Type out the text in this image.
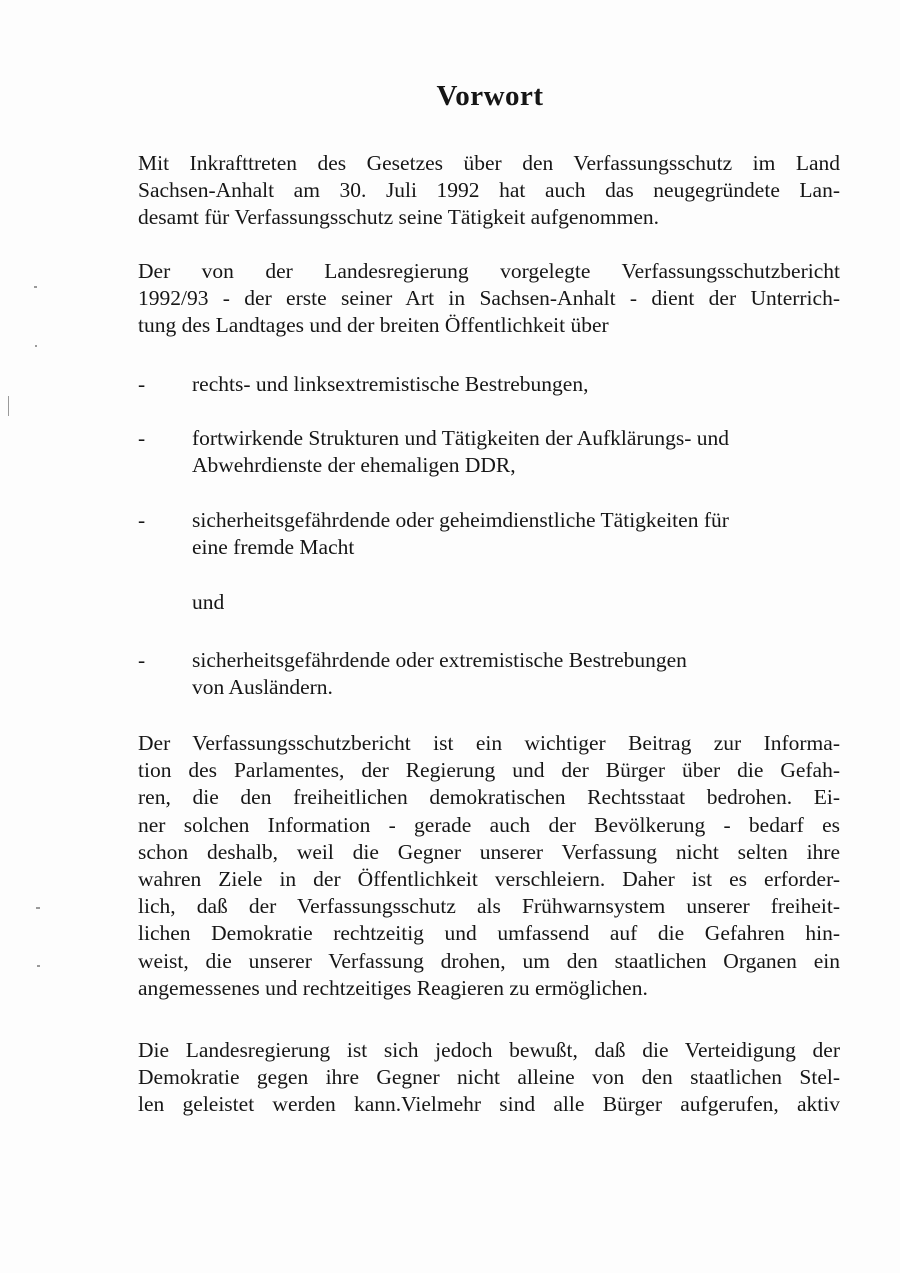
Vorwort
Mit Inkrafttreten des Gesetzes über den Verfassungsschutz im Land
Sachsen-Anhalt am 30. Juli 1992 hat auch das neugegründete Lan-
desamt für Verfassungsschutz seine Tätigkeit aufgenommen.
Der von der Landesregierung vorgelegte Verfassungsschutzbericht
1992/93 - der erste seiner Art in Sachsen-Anhalt - dient der Unterrich-
tung des Landtages und der breiten Öffentlichkeit über
- rechts- und linksextremistische Bestrebungen,
- fortwirkende Strukturen und Tätigkeiten der Aufklärungs- und
Abwehrdienste der ehemaligen DDR,
- sicherheitsgefährdende oder geheimdienstliche Tätigkeiten für
eine fremde Macht
und
- sicherheitsgefährdende oder extremistische Bestrebungen
von Ausländern.
Der Verfassungsschutzbericht ist ein wichtiger Beitrag zur Informa-
tion des Parlamentes, der Regierung und der Bürger über die Gefah-
ren, die den freiheitlichen demokratischen Rechtsstaat bedrohen. Ei-
ner solchen Information - gerade auch der Bevölkerung - bedarf es
schon deshalb, weil die Gegner unserer Verfassung nicht selten ihre
wahren Ziele in der Öffentlichkeit verschleiern. Daher ist es erforder-
lich, daß der Verfassungsschutz als Frühwarnsystem unserer freiheit-
lichen Demokratie rechtzeitig und umfassend auf die Gefahren hin-
weist, die unserer Verfassung drohen, um den staatlichen Organen ein
angemessenes und rechtzeitiges Reagieren zu ermöglichen.
Die Landesregierung ist sich jedoch bewußt, daß die Verteidigung der
Demokratie gegen ihre Gegner nicht alleine von den staatlichen Stel-
len geleistet werden kann.Vielmehr sind alle Bürger aufgerufen, aktiv
